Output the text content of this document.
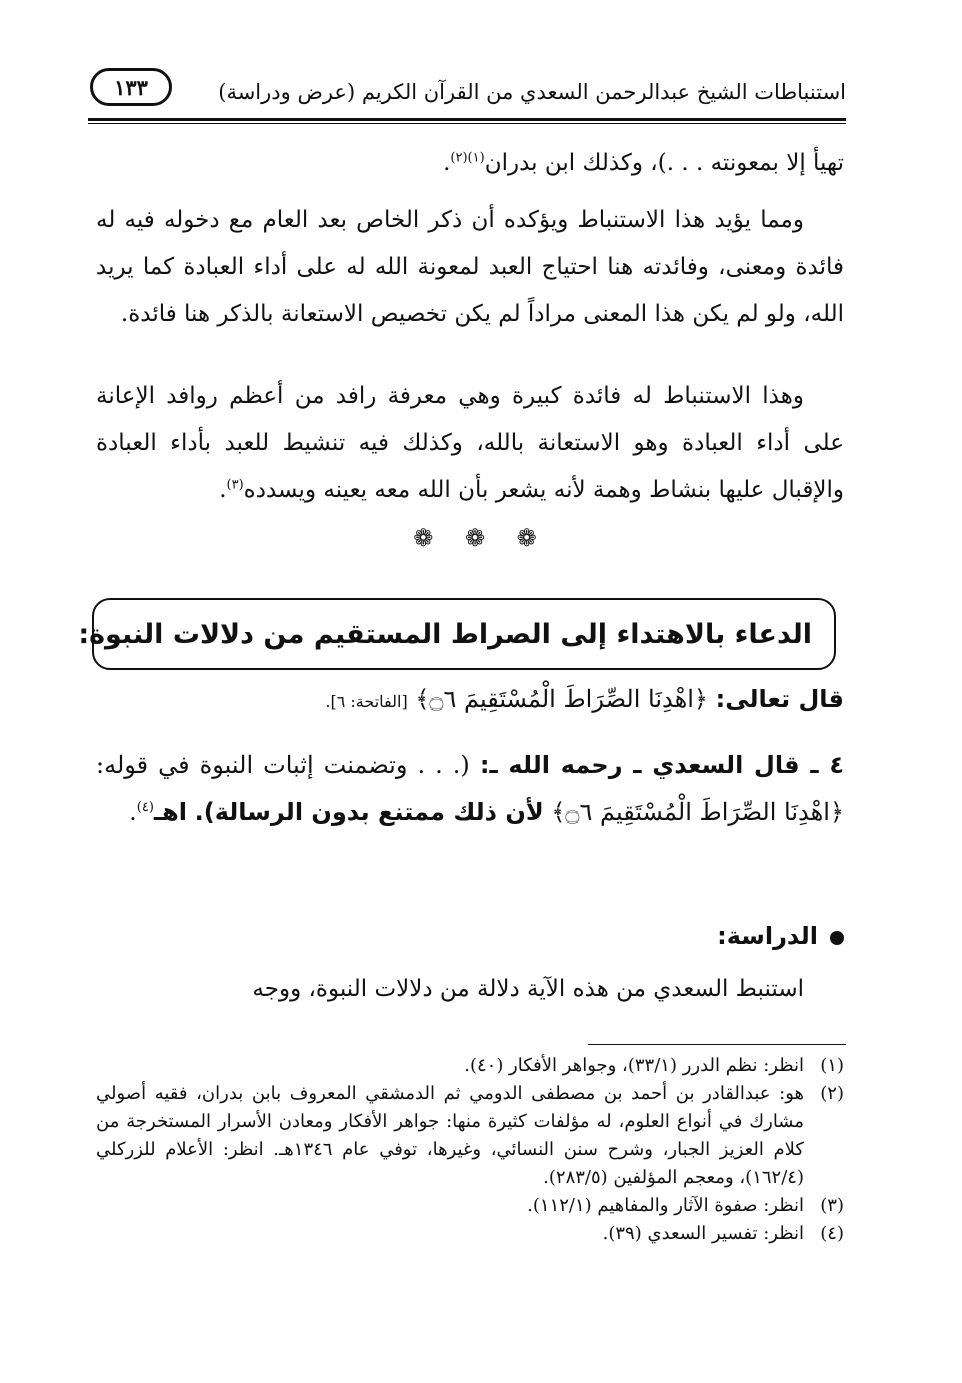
استنباطات الشيخ عبدالرحمن السعدي من القرآن الكريم (عرض ودراسة)
١٣٣
تهيأ إلا بمعونته . . .)، وكذلك ابن بدران$^{(١)(٢)}$.
ومما يؤيد هذا الاستنباط ويؤكده أن ذكر الخاص بعد العام مع دخوله فيه له فائدة ومعنى، وفائدته هنا احتياج العبد لمعونة الله له على أداء العبادة كما يريد الله، ولو لم يكن هذا المعنى مراداً لم يكن تخصيص الاستعانة بالذكر هنا فائدة.
وهذا الاستنباط له فائدة كبيرة وهي معرفة رافد من أعظم روافد الإعانة على أداء العبادة وهو الاستعانة بالله، وكذلك فيه تنشيط للعبد بأداء العبادة والإقبال عليها بنشاط وهمة لأنه يشعر بأن الله معه يعينه ويسدده$^{(٣)}$.
❁ ❁ ❁
الدعاء بالاهتداء إلى الصراط المستقيم من دلالات النبوة:
قال تعالى: ﴿اهْدِنَا الصِّرَاطَ الْمُسْتَقِيمَ ۝٦﴾ [الفاتحة: ٦].
٤ ـ قال السعدي ـ رحمه الله ـ: (. . . وتضمنت إثبات النبوة في قوله: ﴿اهْدِنَا الصِّرَاطَ الْمُسْتَقِيمَ ۝٦﴾ لأن ذلك ممتنع بدون الرسالة). اهـ$^{(٤)}$.
الدراسة:
استنبط السعدي من هذه الآية دلالة من دلالات النبوة، ووجه
(١)
انظر: نظم الدرر (٣٣/١)، وجواهر الأفكار (٤٠).
(٢)
هو: عبدالقادر بن أحمد بن مصطفى الدومي ثم الدمشقي المعروف بابن بدران، فقيه أصولي مشارك في أنواع العلوم، له مؤلفات كثيرة منها: جواهر الأفكار ومعادن الأسرار المستخرجة من كلام العزيز الجبار، وشرح سنن النسائي، وغيرها، توفي عام ١٣٤٦هـ. انظر: الأعلام للزركلي (١٦٢/٤)، ومعجم المؤلفين (٢٨٣/٥).
(٣)
انظر: صفوة الآثار والمفاهيم (١١٢/١).
(٤)
انظر: تفسير السعدي (٣٩).
